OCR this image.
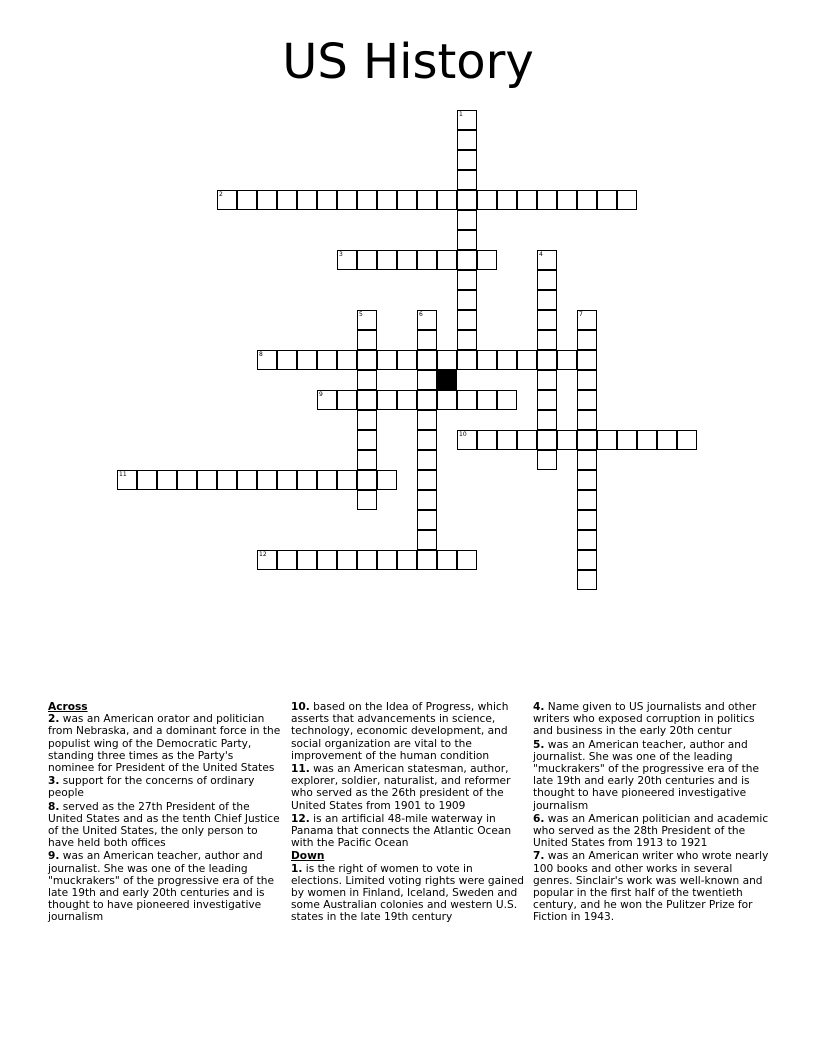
US History
1
2
3	4
5	6	7
8
9
10
11
12
Across
2. was an American orator and politician from Nebraska, and a dominant force in the populist wing of the Democratic Party, standing three times as the Party's nominee for President of the United States
3. support for the concerns of ordinary people
8. served as the 27th President of the United States and as the tenth Chief Justice of the United States, the only person to have held both offices
9. was an American teacher, author and journalist. She was one of the leading "muckrakers" of the progressive era of the late 19th and early 20th centuries and is thought to have pioneered investigative journalism
10. based on the Idea of Progress, which asserts that advancements in science, technology, economic development, and social organization are vital to the improvement of the human condition
11. was an American statesman, author, explorer, soldier, naturalist, and reformer who served as the 26th president of the United States from 1901 to 1909
12. is an artificial 48-mile waterway in Panama that connects the Atlantic Ocean with the Pacific Ocean
Down
1. is the right of women to vote in elections. Limited voting rights were gained by women in Finland, Iceland, Sweden and some Australian colonies and western U.S. states in the late 19th century
4. Name given to US journalists and other writers who exposed corruption in politics and business in the early 20th centur
5. was an American teacher, author and journalist. She was one of the leading "muckrakers" of the progressive era of the late 19th and early 20th centuries and is thought to have pioneered investigative journalism
6. was an American politician and academic who served as the 28th President of the United States from 1913 to 1921
7. was an American writer who wrote nearly 100 books and other works in several genres. Sinclair's work was well-known and popular in the first half of the twentieth century, and he won the Pulitzer Prize for Fiction in 1943.
